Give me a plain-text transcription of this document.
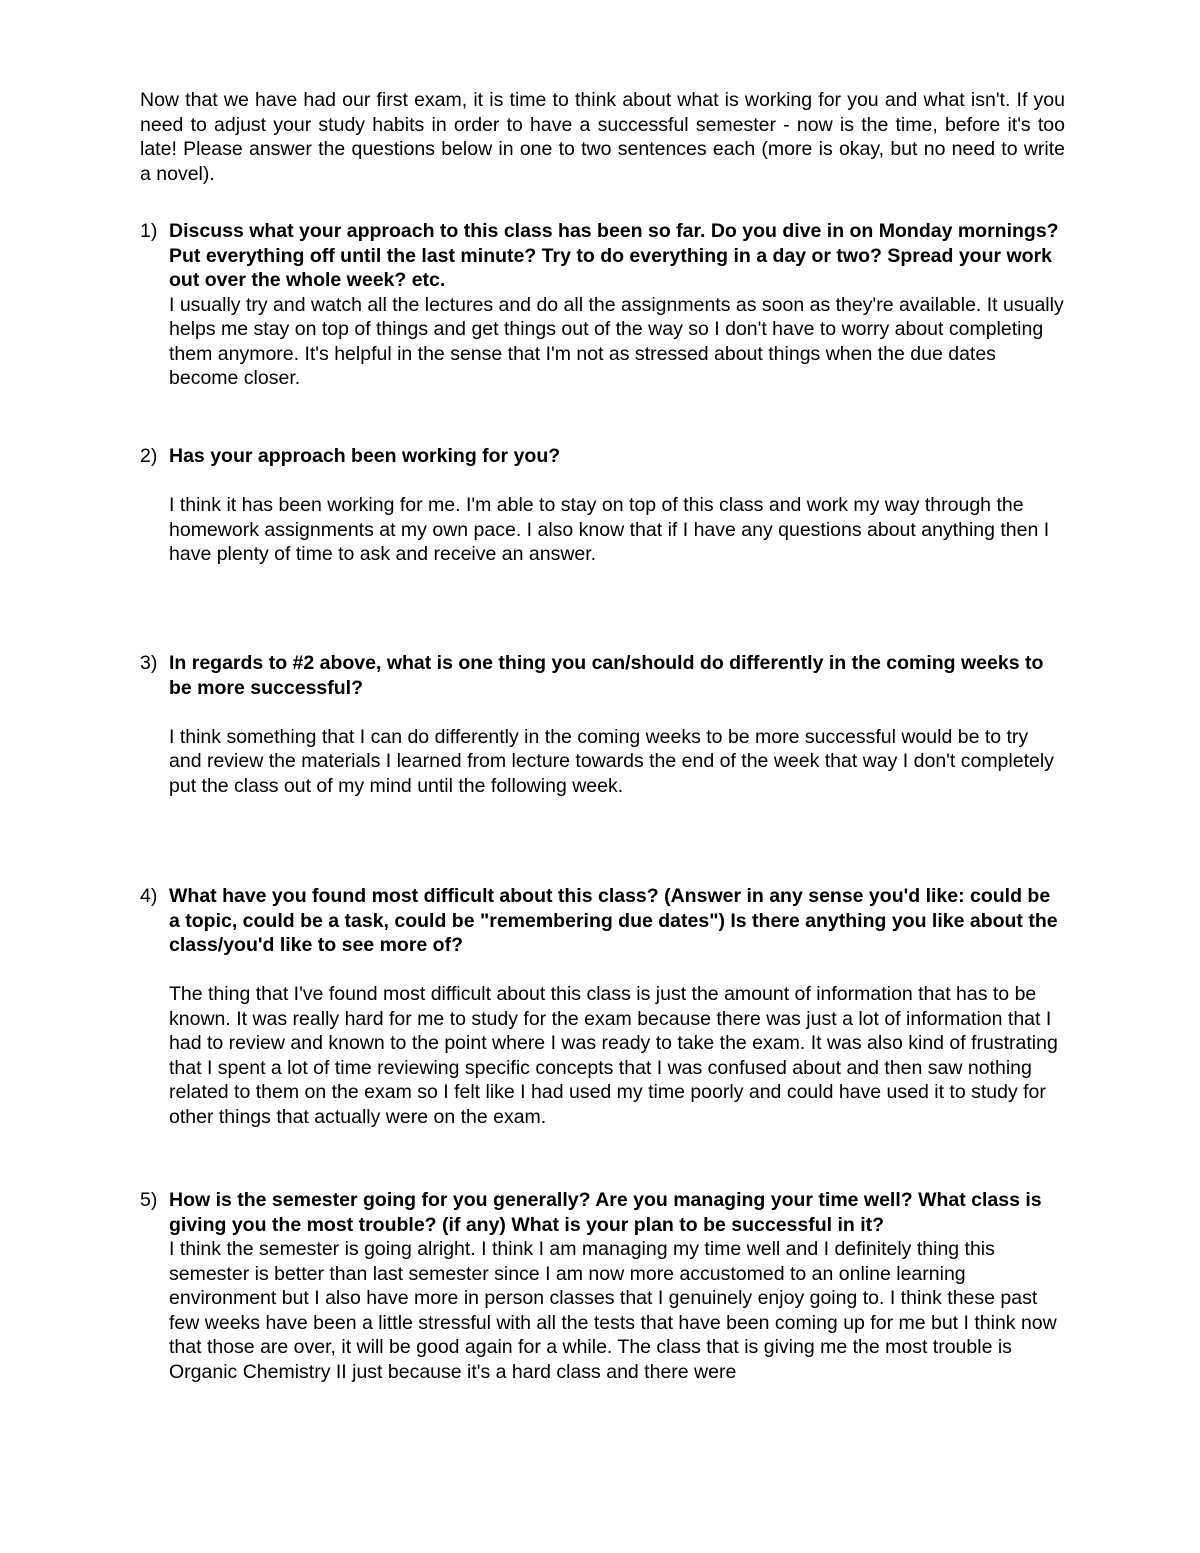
Now that we have had our first exam, it is time to think about what is working for you and what isn't. If you need to adjust your study habits in order to have a successful semester - now is the time, before it's too late! Please answer the questions below in one to two sentences each (more is okay, but no need to write a novel).

1) Discuss what your approach to this class has been so far. Do you dive in on Monday mornings? Put everything off until the last minute? Try to do everything in a day or two? Spread your work out over the whole week? etc.

I usually try and watch all the lectures and do all the assignments as soon as they're available. It usually helps me stay on top of things and get things out of the way so I don't have to worry about completing them anymore. It's helpful in the sense that I'm not as stressed about things when the due dates become closer.

2) Has your approach been working for you?

I think it has been working for me. I'm able to stay on top of this class and work my way through the homework assignments at my own pace. I also know that if I have any questions about anything then I have plenty of time to ask and receive an answer.

3) In regards to #2 above, what is one thing you can/should do differently in the coming weeks to be more successful?

I think something that I can do differently in the coming weeks to be more successful would be to try and review the materials I learned from lecture towards the end of the week that way I don't completely put the class out of my mind until the following week.

4) What have you found most difficult about this class? (Answer in any sense you'd like: could be a topic, could be a task, could be "remembering due dates") Is there anything you like about the class/you'd like to see more of?

The thing that I've found most difficult about this class is just the amount of information that has to be known. It was really hard for me to study for the exam because there was just a lot of information that I had to review and known to the point where I was ready to take the exam. It was also kind of frustrating that I spent a lot of time reviewing specific concepts that I was confused about and then saw nothing related to them on the exam so I felt like I had used my time poorly and could have used it to study for other things that actually were on the exam.

5) How is the semester going for you generally? Are you managing your time well? What class is giving you the most trouble? (if any) What is your plan to be successful in it?

I think the semester is going alright. I think I am managing my time well and I definitely thing this semester is better than last semester since I am now more accustomed to an online learning environment but I also have more in person classes that I genuinely enjoy going to. I think these past few weeks have been a little stressful with all the tests that have been coming up for me but I think now that those are over, it will be good again for a while. The class that is giving me the most trouble is Organic Chemistry II just because it's a hard class and there were
